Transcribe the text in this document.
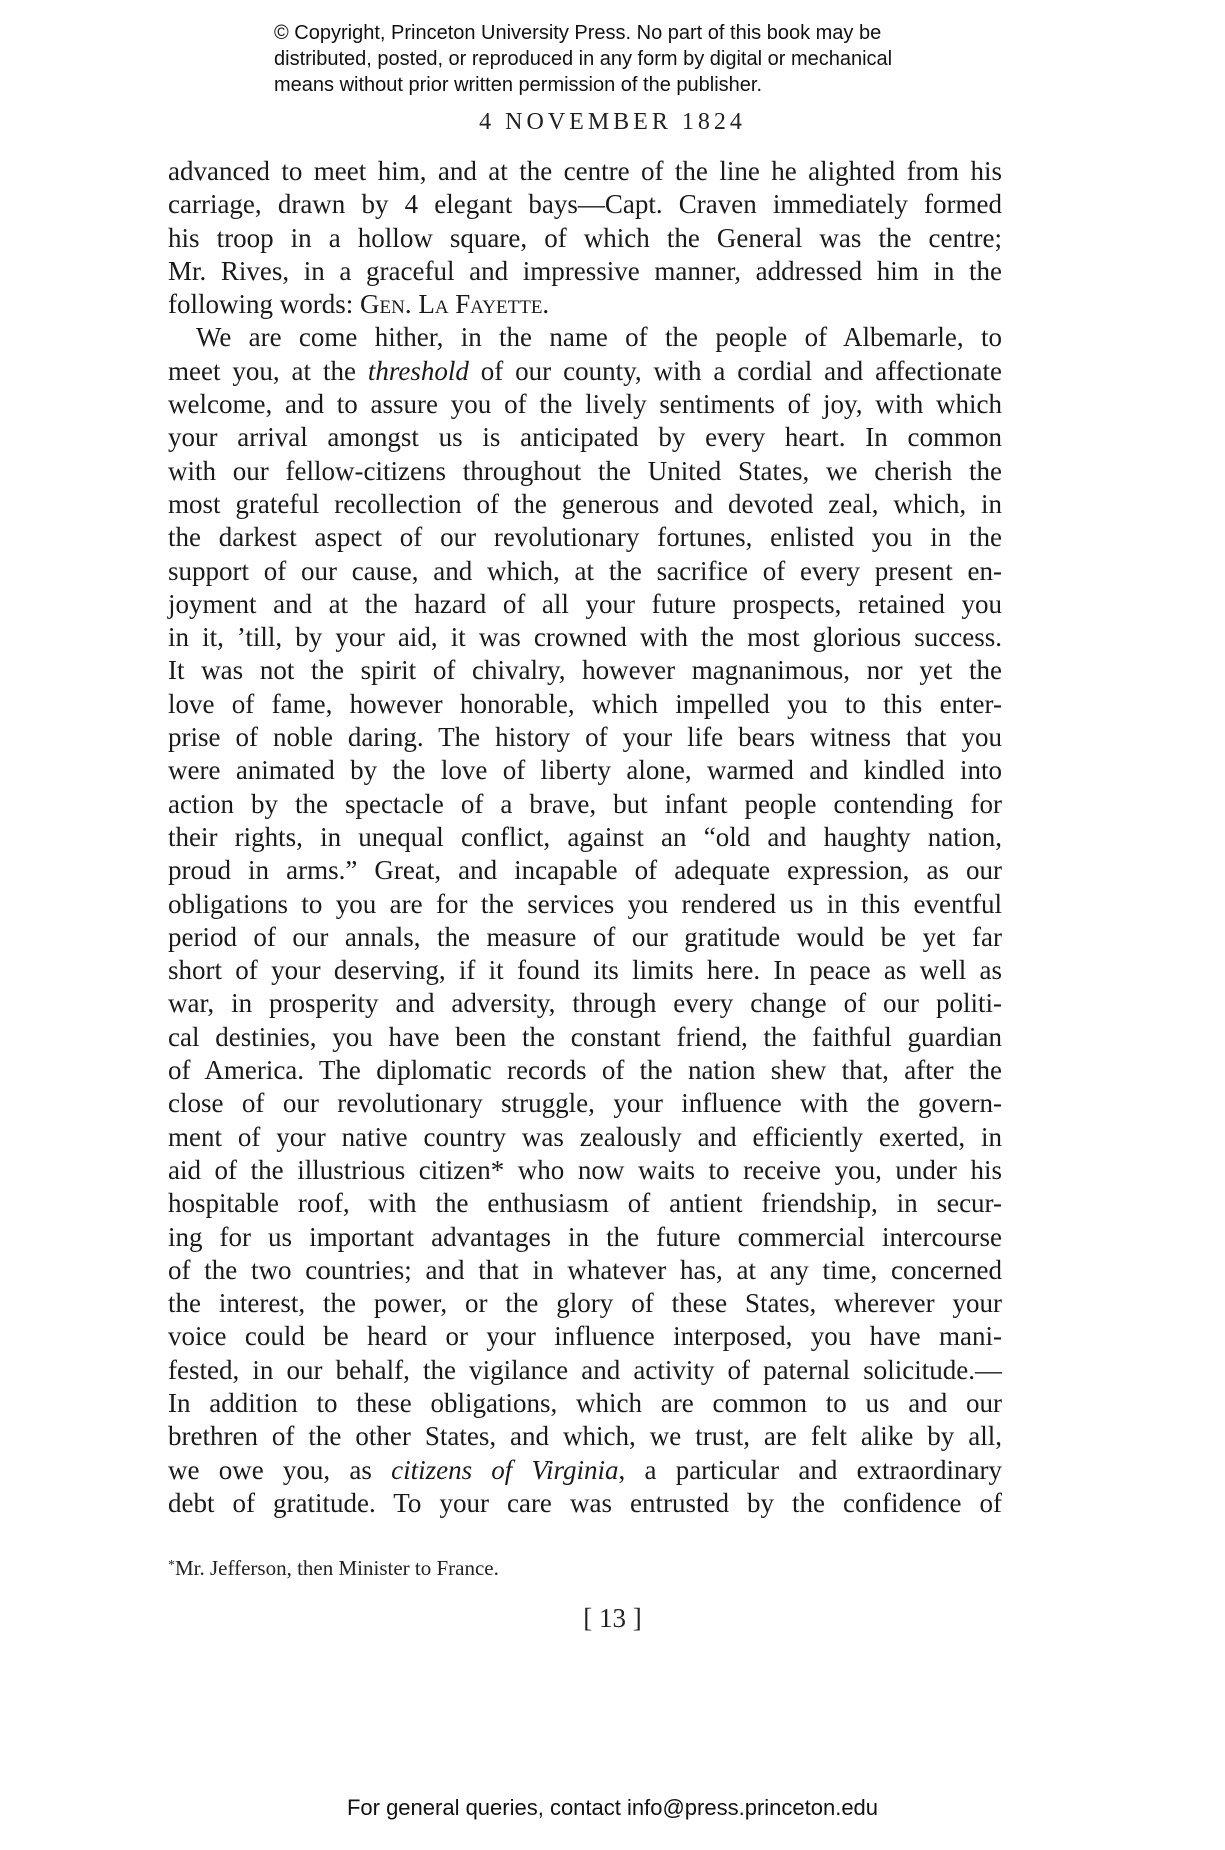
© Copyright, Princeton University Press. No part of this book may be
distributed, posted, or reproduced in any form by digital or mechanical
means without prior written permission of the publisher.
4 NOVEMBER 1824
advanced to meet him, and at the centre of the line he alighted from his
carriage, drawn by 4 elegant bays—Capt. Craven immediately formed
his troop in a hollow square, of which the General was the centre;
Mr. Rives, in a graceful and impressive manner, addressed him in the
following words: Gen. La Fayette.
We are come hither, in the name of the people of Albemarle, to
meet you, at the threshold of our county, with a cordial and affectionate
welcome, and to assure you of the lively sentiments of joy, with which
your arrival amongst us is anticipated by every heart. In common
with our fellow-citizens throughout the United States, we cherish the
most grateful recollection of the generous and devoted zeal, which, in
the darkest aspect of our revolutionary fortunes, enlisted you in the
support of our cause, and which, at the sacrifice of every present en-
joyment and at the hazard of all your future prospects, retained you
in it, ’till, by your aid, it was crowned with the most glorious success.
It was not the spirit of chivalry, however magnanimous, nor yet the
love of fame, however honorable, which impelled you to this enter-
prise of noble daring. The history of your life bears witness that you
were animated by the love of liberty alone, warmed and kindled into
action by the spectacle of a brave, but infant people contending for
their rights, in unequal conflict, against an “old and haughty nation,
proud in arms.” Great, and incapable of adequate expression, as our
obligations to you are for the services you rendered us in this eventful
period of our annals, the measure of our gratitude would be yet far
short of your deserving, if it found its limits here. In peace as well as
war, in prosperity and adversity, through every change of our politi-
cal destinies, you have been the constant friend, the faithful guardian
of America. The diplomatic records of the nation shew that, after the
close of our revolutionary struggle, your influence with the govern-
ment of your native country was zealously and efficiently exerted, in
aid of the illustrious citizen* who now waits to receive you, under his
hospitable roof, with the enthusiasm of antient friendship, in secur-
ing for us important advantages in the future commercial intercourse
of the two countries; and that in whatever has, at any time, concerned
the interest, the power, or the glory of these States, wherever your
voice could be heard or your influence interposed, you have mani-
fested, in our behalf, the vigilance and activity of paternal solicitude.—
In addition to these obligations, which are common to us and our
brethren of the other States, and which, we trust, are felt alike by all,
we owe you, as citizens of Virginia, a particular and extraordinary
debt of gratitude. To your care was entrusted by the confidence of
*Mr. Jefferson, then Minister to France.
[ 13 ]
For general queries, contact info@press.princeton.edu
